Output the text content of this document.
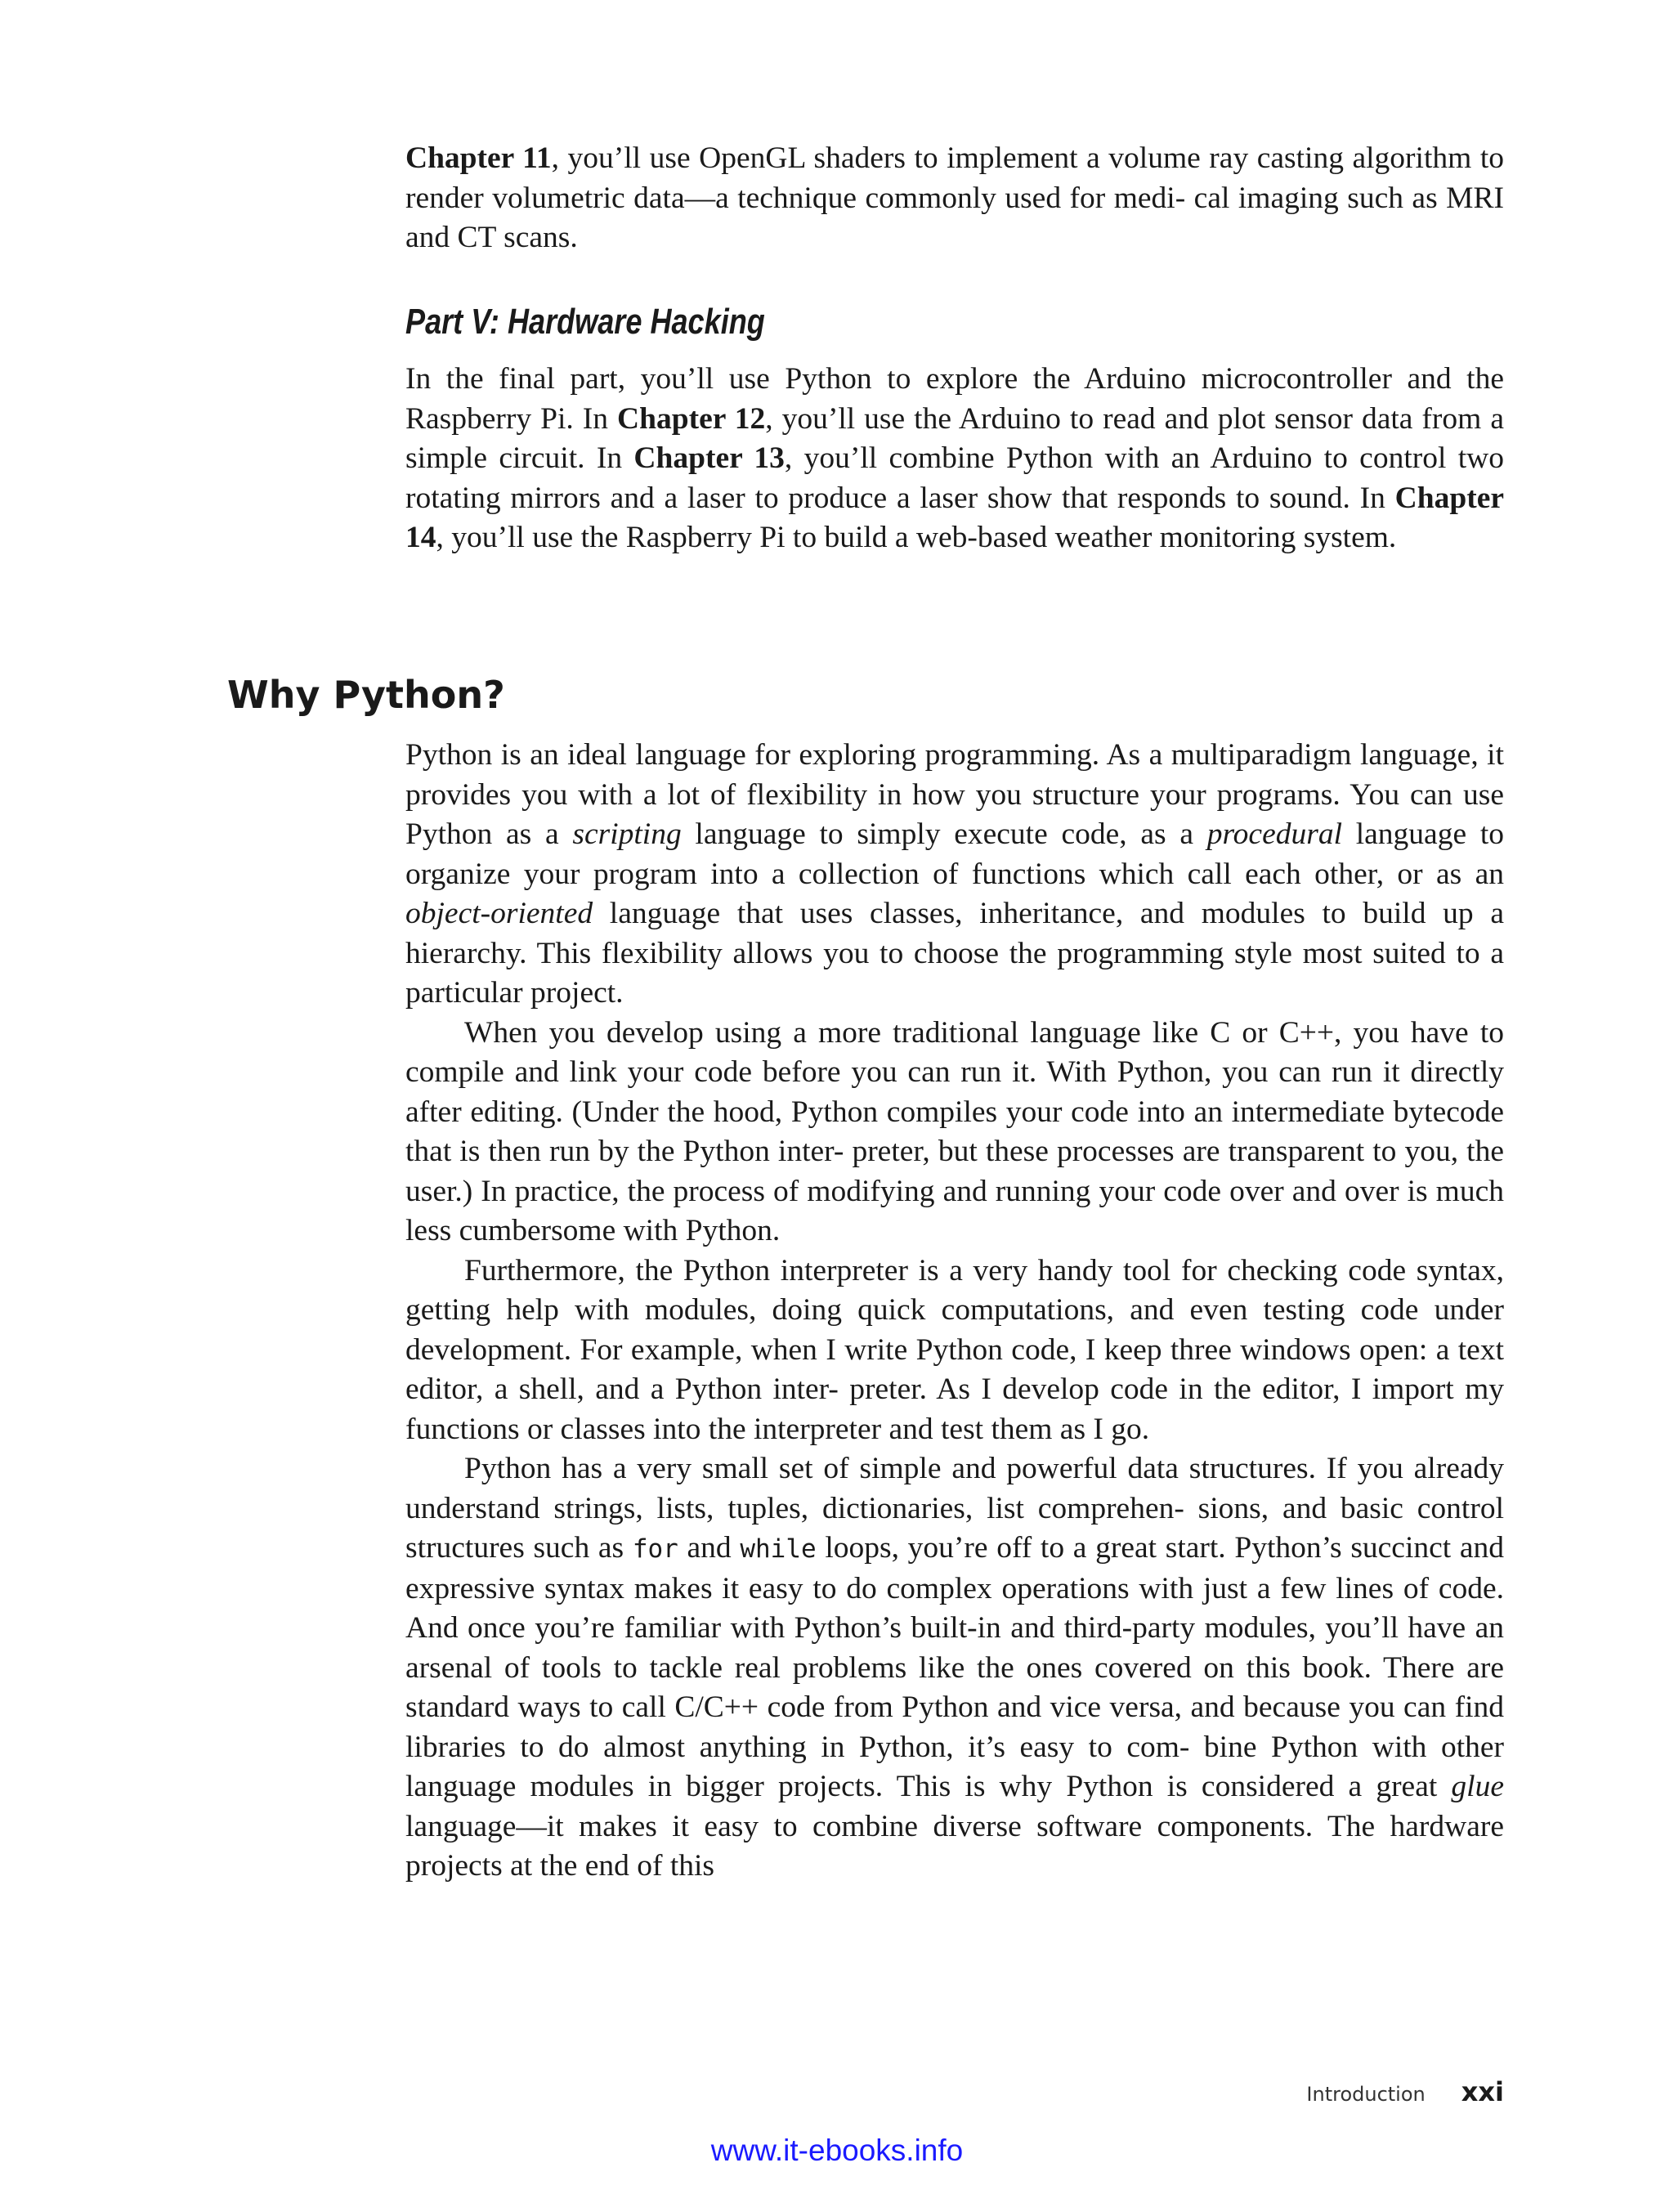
Chapter 11, you’ll use OpenGL shaders to implement a volume ray casting algorithm to render volumetric data—a technique commonly used for medi- cal imaging such as MRI and CT scans.

Part V: Hardware Hacking

In the final part, you’ll use Python to explore the Arduino microcontroller and the Raspberry Pi. In Chapter 12, you’ll use the Arduino to read and plot sensor data from a simple circuit. In Chapter 13, you’ll combine Python with an Arduino to control two rotating mirrors and a laser to produce a laser show that responds to sound. In Chapter 14, you’ll use the Raspberry Pi to build a web-based weather monitoring system.

Why Python?

Python is an ideal language for exploring programming. As a multiparadigm language, it provides you with a lot of flexibility in how you structure your programs. You can use Python as a scripting language to simply execute code, as a procedural language to organize your program into a collection of functions which call each other, or as an object-oriented language that uses classes, inheritance, and modules to build up a hierarchy. This flexibility allows you to choose the programming style most suited to a particular project.

When you develop using a more traditional language like C or C++, you have to compile and link your code before you can run it. With Python, you can run it directly after editing. (Under the hood, Python compiles your code into an intermediate bytecode that is then run by the Python inter- preter, but these processes are transparent to you, the user.) In practice, the process of modifying and running your code over and over is much less cumbersome with Python.

Furthermore, the Python interpreter is a very handy tool for checking code syntax, getting help with modules, doing quick computations, and even testing code under development. For example, when I write Python code, I keep three windows open: a text editor, a shell, and a Python inter- preter. As I develop code in the editor, I import my functions or classes into the interpreter and test them as I go.

Python has a very small set of simple and powerful data structures. If you already understand strings, lists, tuples, dictionaries, list comprehen- sions, and basic control structures such as for and while loops, you’re off to a great start. Python’s succinct and expressive syntax makes it easy to do complex operations with just a few lines of code. And once you’re familiar with Python’s built-in and third-party modules, you’ll have an arsenal of tools to tackle real problems like the ones covered on this book. There are standard ways to call C/C++ code from Python and vice versa, and because you can find libraries to do almost anything in Python, it’s easy to com- bine Python with other language modules in bigger projects. This is why Python is considered a great glue language—it makes it easy to combine diverse software components. The hardware projects at the end of this

Introduction xxi
www.it-ebooks.info
